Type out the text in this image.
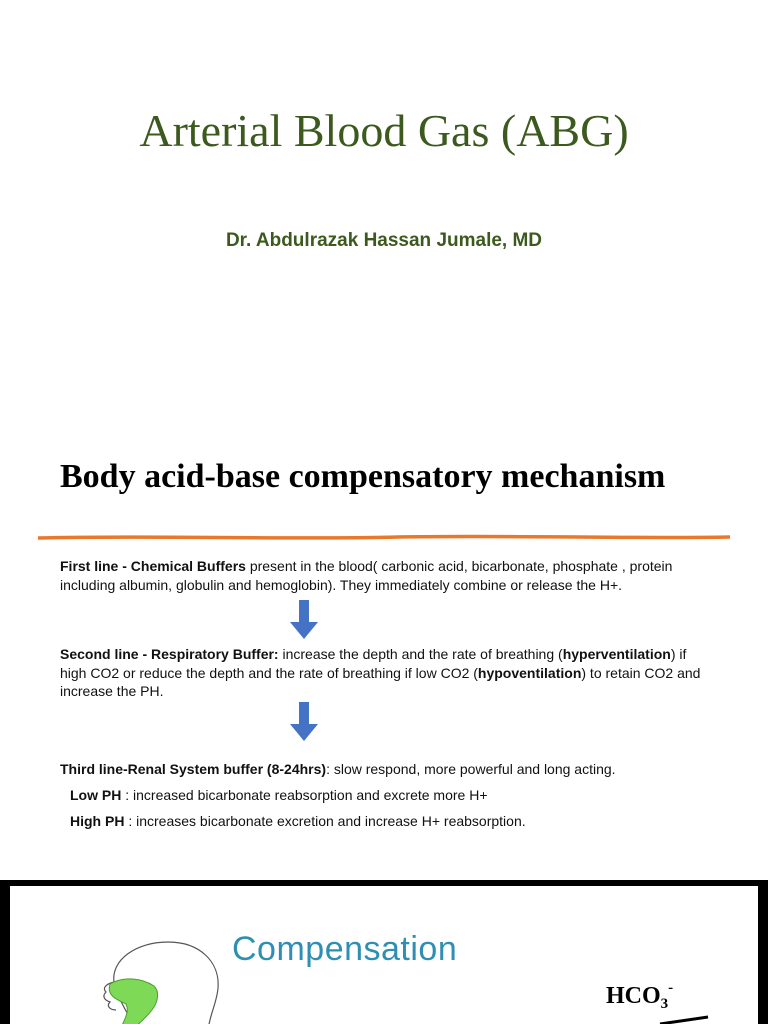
Arterial Blood Gas (ABG)
Dr. Abdulrazak Hassan Jumale, MD
Body acid-base compensatory mechanism
First line - Chemical Buffers present in the blood( carbonic acid, bicarbonate, phosphate , protein including albumin, globulin and hemoglobin). They immediately combine or release the H+.
Second line - Respiratory Buffer: increase the depth and the rate of breathing (hyperventilation) if high CO2 or reduce the depth and the rate of breathing if low CO2 (hypoventilation) to retain CO2 and increase the PH.
Third line-Renal System buffer (8-24hrs): slow respond, more powerful and long acting.
Low PH : increased bicarbonate reabsorption and excrete more H+
High PH : increases bicarbonate excretion and increase H+ reabsorption.
Compensation
$HCO_3^-$
